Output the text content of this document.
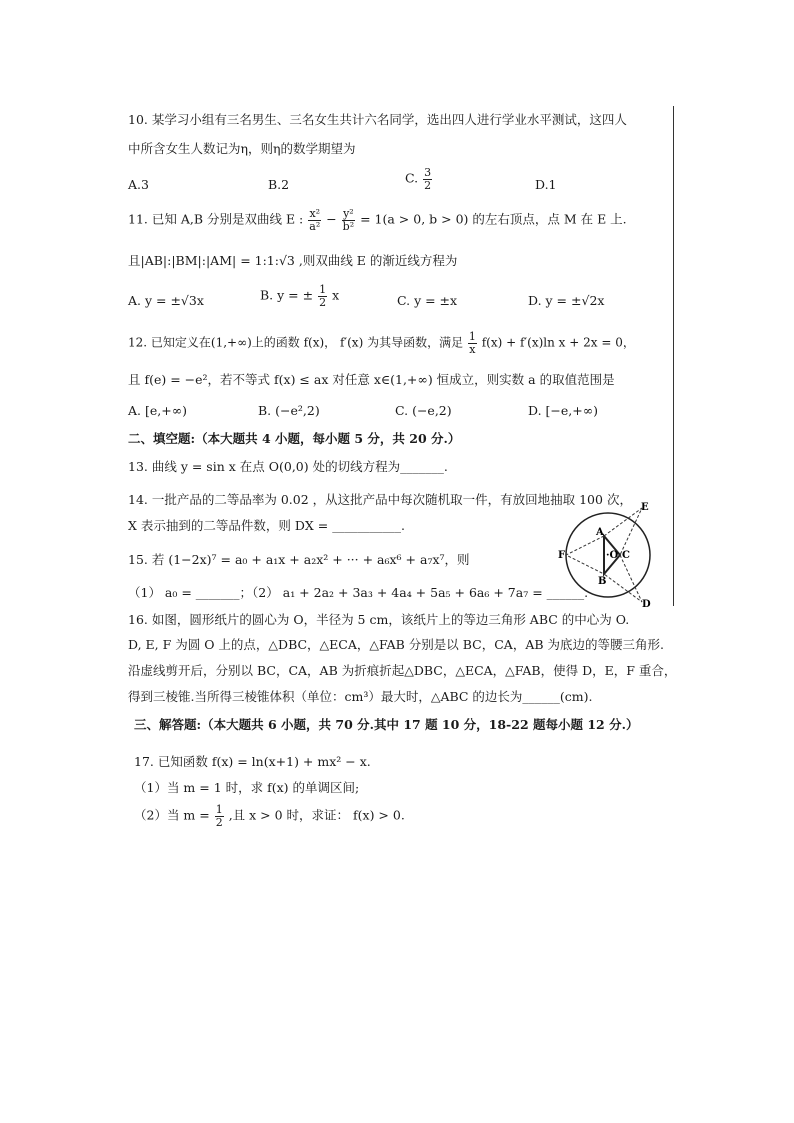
10. 某学习小组有三名男生、三名女生共计六名同学，选出四人进行学业水平测试，这四人
中所含女生人数记为η，则η的数学期望为
A.3	B.2	C. $\frac{3}{2}$	D.1
11. 已知 A,B 分别是双曲线 E : $\frac{\text{x²}}{\text{a²}} - \frac{\text{y²}}{\text{b²}} = 1(a > 0$, b > 0) 的左右顶点，点 M 在 E 上.
且|AB|:|BM|:|AM| = 1:1:√3 ,则双曲线 E 的渐近线方程为
A. y = ±√3x	B. y = ± $\frac{1}{2}$ x	C. y = ±x	D. y = ±√2x
12. 已知定义在(1,+∞)上的函数 f(x)， f′(x) 为其导函数，满足 $\frac{1}{x} f(x) + f'(x)\ln$ x + 2x = 0，
且 f(e) = −e²，若不等式 f(x) ≤ ax 对任意 x∈(1,+∞) 恒成立，则实数 a 的取值范围是
A. [e,+∞)	B. (−e²,2)	C. (−e,2)	D. [−e,+∞)
二、填空题:（本大题共 4 小题，每小题 5 分，共 20 分.）
13. 曲线 y = sin x 在点 O(0,0) 处的切线方程为_______.
14. 一批产品的二等品率为 0.02 ，从这批产品中每次随机取一件，有放回地抽取 100 次，
X 表示抽到的二等品件数，则 DX = ___________.
15. 若 (1−2x)⁷ = a₀ + a₁x + a₂x² + ··· + a₆x⁶ + a₇x⁷，则
（1） a₀ = _______；（2） a₁ + 2a₂ + 3a₃ + 4a₄ + 5a₅ + 6a₆ + 7a₇ = ______.
A
B
C
D
E
F	·O
16. 如图，圆形纸片的圆心为 O，半径为 5 cm，该纸片上的等边三角形 ABC 的中心为 O.
D, E, F 为圆 O 上的点，△DBC，△ECA，△FAB 分别是以 BC，CA，AB 为底边的等腰三角形.
沿虚线剪开后，分别以 BC，CA，AB 为折痕折起△DBC，△ECA，△FAB，使得 D，E，F 重合，
得到三棱锥.当所得三棱锥体积（单位：cm³）最大时，△ABC 的边长为______(cm).
三、解答题:（本大题共 6 小题，共 70 分.其中 17 题 10 分，18-22 题每小题 12 分.）
17. 已知函数 f(x) = ln(x+1) + mx² − x.
（1）当 m = 1 时，求 f(x) 的单调区间;
（2）当 $m = \frac{1}{2}$ ,且 x > 0 时，求证： f(x) > 0.
